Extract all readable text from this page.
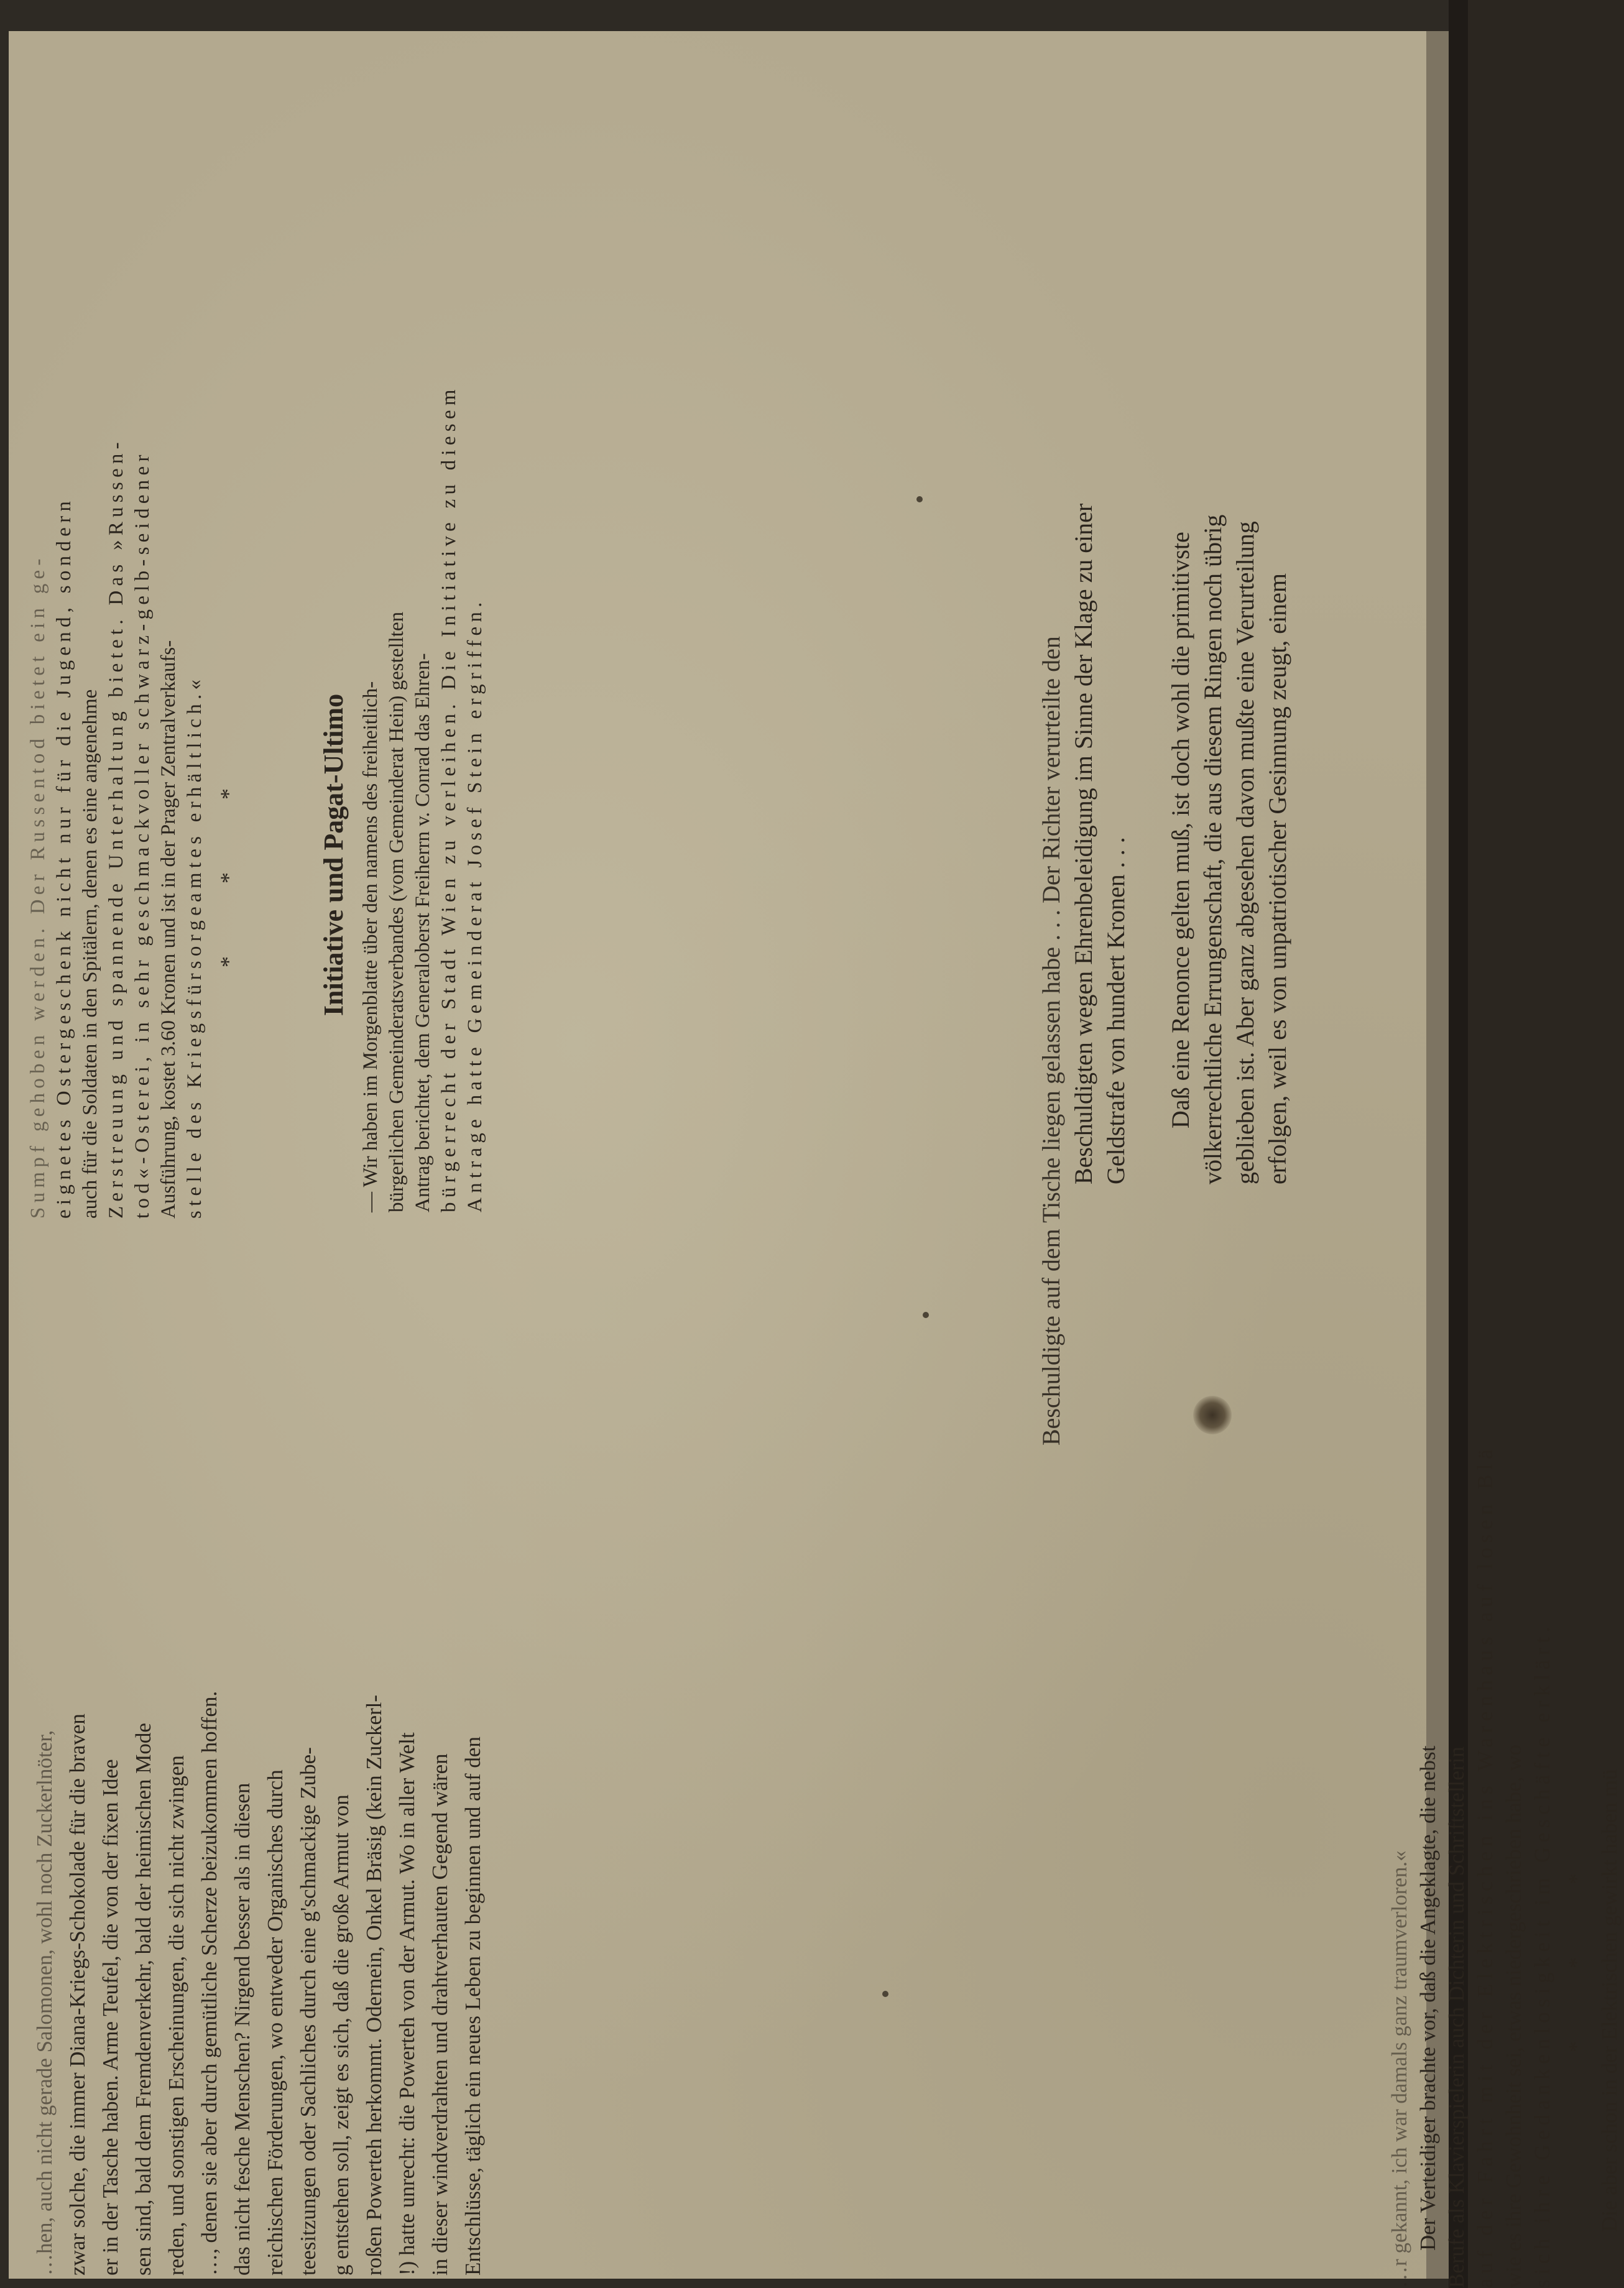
…hen, auch nicht gerade Salomonen, wohl noch Zuckerlnöter, zwar solche, die immer Diana-Kriegs-Schokolade für die braven er in der Tasche haben. Arme Teufel, die von der fixen Idee sen sind, bald dem Fremdenverkehr, bald der heimischen Mode reden, und sonstigen Erscheinungen, die sich nicht zwingen …, denen sie aber durch gemütliche Scherze beizukommen hoffen. das nicht fesche Menschen? Nirgend besser als in diesen reichischen Förderungen, wo entweder Organisches durch teesitzungen oder Sachliches durch eine g'schmackige Zube- g entstehen soll, zeigt es sich, daß die große Armut von roßen Powerteh herkommt. Odernein, Onkel Bräsig (kein Zuckerl- !) hatte unrecht: die Powerteh von der Armut. Wo in aller Welt in dieser windverdrahten und drahtverhauten Gegend wären Entschlüsse, täglich ein neues Leben zu beginnen und auf den

Sumpf gehoben werden. Der Russentod bietet ein ge- eignetes Ostergeschenk nicht nur für die Jugend, sondern auch für die Soldaten in den Spitälern, denen es eine angenehme Zerstreuung und spannende Unterhaltung bietet. Das »Russen- tod«-Osterei, in sehr geschmackvoller schwarz-gelb-seidener Ausführung, kostet 3.60 Kronen und ist in der Prager Zentralverkaufs- stelle des Kriegsfürsorgeamtes erhältlich.« * * *	Initiative und Pagat-Ultimo — Wir haben im Morgenblatte über den namens des freiheitlich- bürgerlichen Gemeinderatsverbandes (vom Gemeinderat Hein) gestellten Antrag berichtet, dem Generaloberst Freiherrn v. Conrad das Ehren- bürgerrecht der Stadt Wien zu verleihen. Die Initiative zu diesem Antrage hatte Gemeinderat Josef Stein ergriffen.	Beschuldigte auf dem Tische liegen gelassen habe . . . Der Richter verurteilte den Beschuldigten wegen Ehrenbeleidigung im Sinne der Klage zu einer Geldstrafe von hundert Kronen . . . Daß eine Renonce gelten muß, ist doch wohl die primitivste völkerrechtliche Errungenschaft, die aus diesem Ringen noch übrig geblieben ist. Aber ganz abgesehen davon mußte eine Verurteilung erfolgen, weil es von unpatriotischer Gesinnung zeugt, einem

…r gekannt, ich war damals ganz traumverloren.« Der Verteidiger brachte vor, daß die Angeklagte, die nebst Berufe als Klavierspielerin auch Dichterin und Schriftstellerin auf der Fahrt mit der Elektrischen ins Warenhaus auf losen Blä wie es ihre Gewohnheit sei, etwas niedergeschrieben habe, wo sich ihre Gedankenlosigkeit im Geschäfte erklärt. * * * Die aber schon in der Elektrischen gewirkt haben mü
